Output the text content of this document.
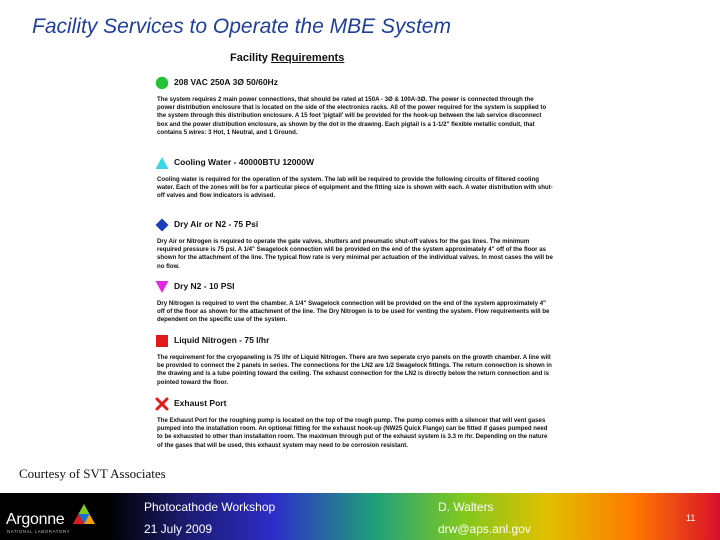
Facility Services to Operate the MBE System
Facility Requirements
208 VAC 250A 3Ø 50/60Hz
The system requires 2 main power connections, that should be rated at 150A - 3Ø & 100A-3Ø. The power is connected through the power distribution enclosure that is located on the side of the electronics racks. All of the power required for the system is supplied to the system through this distribution enclosure. A 15 foot 'pigtail' will be provided for the hook-up between the lab service disconnect box and the power distribution enclosure, as shown by the dot in the drawing. Each pigtail is a 1-1/2" flexible metallic conduit, that contains 5 wires: 3 Hot, 1 Neutral, and 1 Ground.
Cooling Water - 40000BTU 12000W
Cooling water is required for the operation of the system. The lab will be required to provide the following circuits of filtered cooling water. Each of the zones will be for a particular piece of equipment and the fitting size is shown with each. A water distribution with shut-off valves and flow indicators is advised.
Dry Air or N2 - 75 Psi
Dry Air or Nitrogen is required to operate the gate valves, shutters and pneumatic shut-off valves for the gas lines. The minimum required pressure is 75 psi. A 1/4" Swagelock connection will be provided on the end of the system approximately 4" off of the floor as shown for the attachment of the line. The typical flow rate is very minimal per actuation of the individual valves. In most cases the will be no flow.
Dry N2 - 10 PSI
Dry Nitrogen is required to vent the chamber. A 1/4" Swagelock connection will be provided on the end of the system approximately 4" off of the floor as shown for the attachment of the line. The Dry Nitrogen is to be used for venting the system. Flow requirements will be dependent on the specific use of the system.
Liquid Nitrogen - 75 l/hr
The requirement for the cryopaneling is 75 l/hr of Liquid Nitrogen. There are two seperate cryo panels on the growth chamber. A line will be provided to connect the 2 panels in series. The connections for the LN2 are 1/2 Swagelock fittings. The return connection is shown in the drawing and is a tube pointing toward the ceiling. The exhaust connection for the LN2 is directly below the return connection and is pointed toward the floor.
Exhaust Port
The Exhaust Port for the roughing pump is located on the top of the rough pump. The pump comes with a silencer that will vent gases pumped into the installation room. An optional fitting for the exhaust hook-up (NW25 Quick Flange) can be fitted if gases pumped need to be exhausted to other than installation room. The maximum through put of the exhaust system is 3.3 m /hr. Depending on the nature of the gases that will be used, this exhaust system may need to be corrosion resistant.
Courtesy of SVT Associates
Argonne
NATIONAL LABORATORY
Photocathode Workshop
21 July 2009
D. Walters
drw@aps.anl.gov
11
